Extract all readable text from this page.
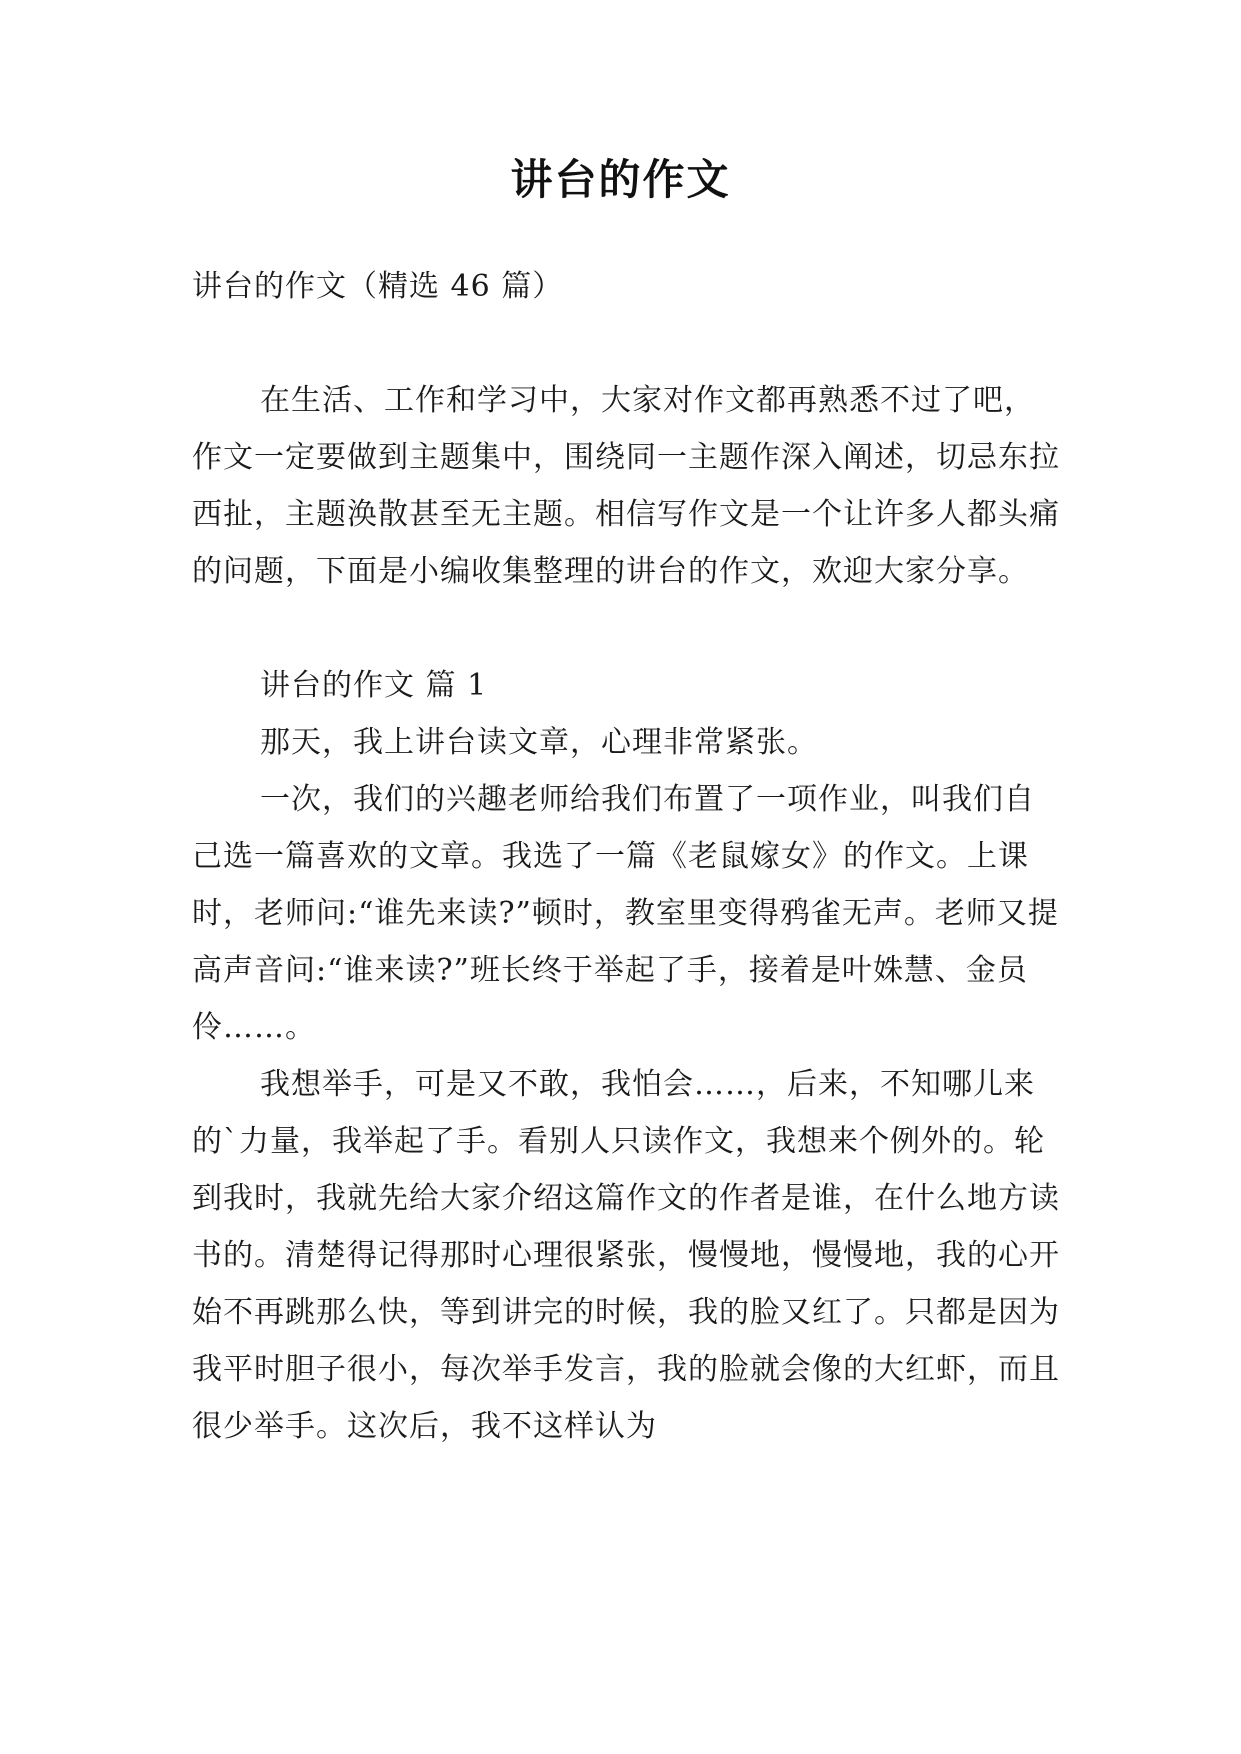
讲台的作文

讲台的作文（精选 46 篇）

在生活、工作和学习中，大家对作文都再熟悉不过了吧，作文一定要做到主题集中，围绕同一主题作深入阐述，切忌东拉西扯，主题涣散甚至无主题。相信写作文是一个让许多人都头痛的问题，下面是小编收集整理的讲台的作文，欢迎大家分享。

讲台的作文 篇 1

那天，我上讲台读文章，心理非常紧张。

一次，我们的兴趣老师给我们布置了一项作业，叫我们自己选一篇喜欢的文章。我选了一篇《老鼠嫁女》的作文。上课时，老师问:“谁先来读?”顿时，教室里变得鸦雀无声。老师又提高声音问:“谁来读?”班长终于举起了手，接着是叶姝慧、金员伶……。

我想举手，可是又不敢，我怕会……，后来，不知哪儿来的`力量，我举起了手。看别人只读作文，我想来个例外的。轮到我时，我就先给大家介绍这篇作文的作者是谁，在什么地方读书的。清楚得记得那时心理很紧张，慢慢地，慢慢地，我的心开始不再跳那么快，等到讲完的时候，我的脸又红了。只都是因为我平时胆子很小，每次举手发言，我的脸就会像的大红虾，而且很少举手。这次后，我不这样认为
